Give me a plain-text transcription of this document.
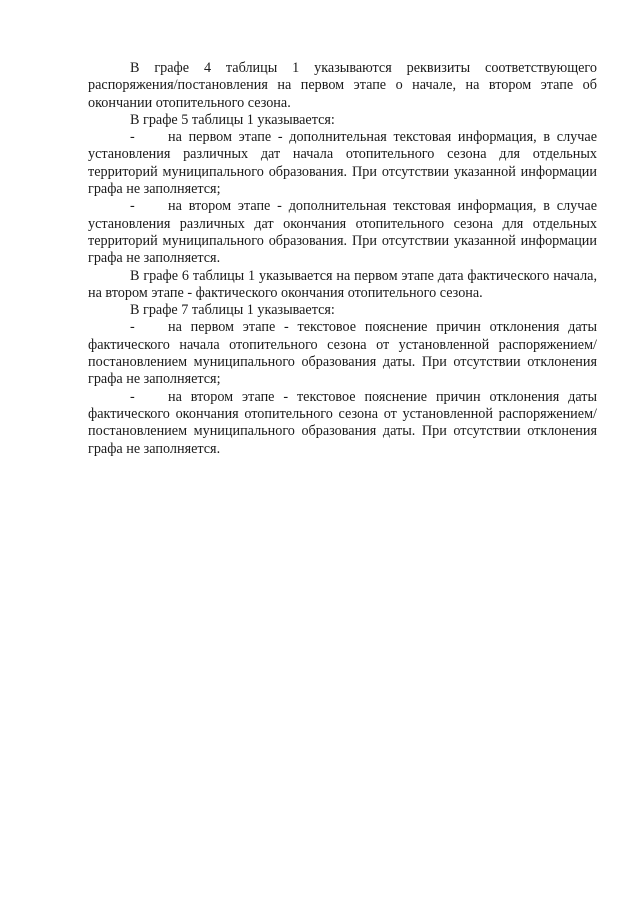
В графе 4 таблицы 1 указываются реквизиты соответствующего распоряжения/постановления на первом этапе о начале, на втором этапе об окончании отопительного сезона.

В графе 5 таблицы 1 указывается:

- на первом этапе - дополнительная текстовая информация, в случае установления различных дат начала отопительного сезона для отдельных территорий муниципального образования. При отсутствии указанной информации графа не заполняется;

- на втором этапе - дополнительная текстовая информация, в случае установления различных дат окончания отопительного сезона для отдельных территорий муниципального образования. При отсутствии указанной информации графа не заполняется.

В графе 6 таблицы 1 указывается на первом этапе дата фактического начала, на втором этапе - фактического окончания отопительного сезона.

В графе 7 таблицы 1 указывается:

- на первом этапе - текстовое пояснение причин отклонения даты фактического начала отопительного сезона от установленной распоряжением/постановлением муниципального образования даты. При отсутствии отклонения графа не заполняется;

- на втором этапе - текстовое пояснение причин отклонения даты фактического окончания отопительного сезона от установленной распоряжением/постановлением муниципального образования даты. При отсутствии отклонения графа не заполняется.
